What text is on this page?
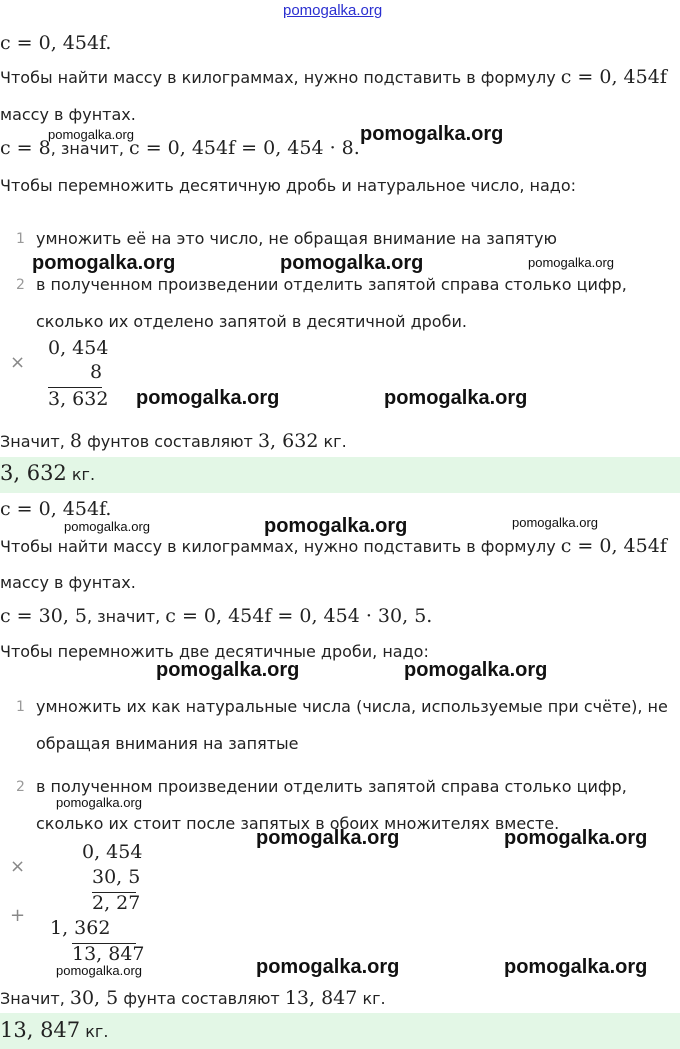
pomogalka.org
c = 0, 454f.
Чтобы найти массу в килограммах, нужно подставить в формулу c = 0, 454f
массу в фунтах.
c = 8, значит, c = 0, 454f = 0, 454 · 8.
Чтобы перемножить десятичную дробь и натуральное число, надо:
1 умножить её на это число, не обращая внимание на запятую
2 в полученном произведении отделить запятой справа столько цифр,
сколько их отделено запятой в десятичной дроби.
×
0, 454
8
3, 632
Значит, 8 фунтов составляют 3, 632 кг.
3, 632 кг.
c = 0, 454f.
Чтобы найти массу в килограммах, нужно подставить в формулу c = 0, 454f
массу в фунтах.
c = 30, 5, значит, c = 0, 454f = 0, 454 · 30, 5.
Чтобы перемножить две десятичные дроби, надо:
1 умножить их как натуральные числа (числа, используемые при счёте), не
обращая внимания на запятые
2 в полученном произведении отделить запятой справа столько цифр,
сколько их стоит после запятых в обоих множителях вместе.
×
0, 454
30, 5
2, 27
+
1, 362
13, 847
Значит, 30, 5 фунта составляют 13, 847 кг.
13, 847 кг.
pomogalka.org	pomogalka.org
pomogalka.org	pomogalka.org	pomogalka.org
pomogalka.org	pomogalka.org
pomogalka.org	pomogalka.org	pomogalka.org
pomogalka.org	pomogalka.org
pomogalka.org
pomogalka.org	pomogalka.org
pomogalka.org	pomogalka.org	pomogalka.org
